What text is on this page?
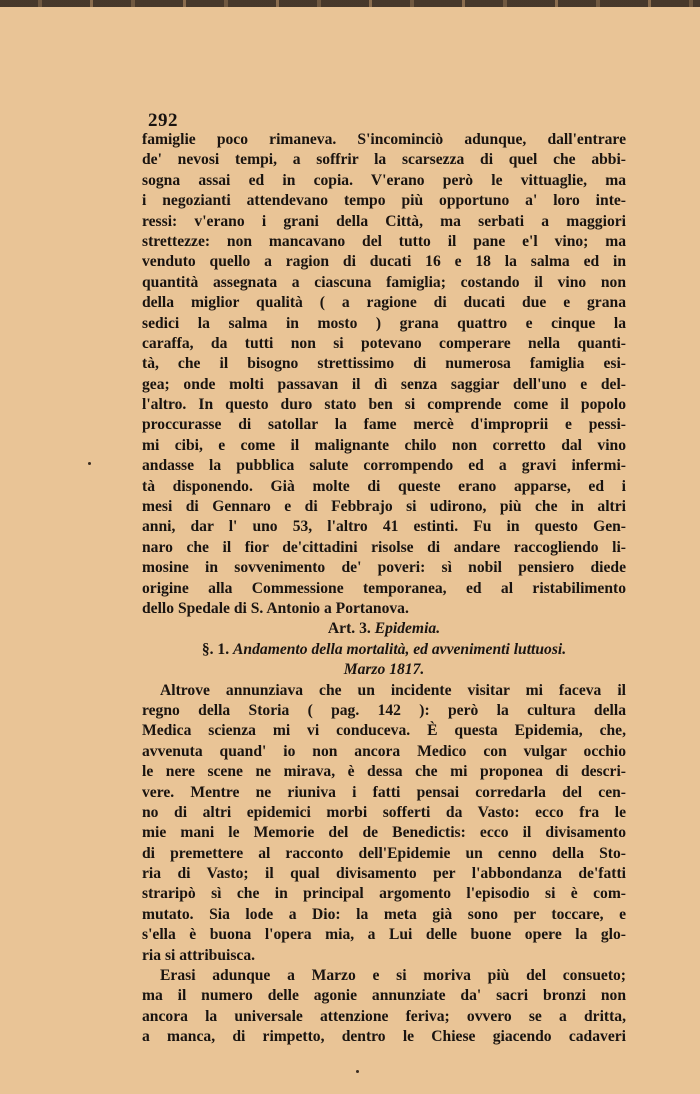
292
famiglie poco rimaneva. S'incominciò adunque, dall'entrare
de' nevosi tempi, a soffrir la scarsezza di quel che abbi-
sogna assai ed in copia. V'erano però le vittuaglie, ma
i negozianti attendevano tempo più opportuno a' loro inte-
ressi: v'erano i grani della Città, ma serbati a maggiori
strettezze: non mancavano del tutto il pane e'l vino; ma
venduto quello a ragion di ducati 16 e 18 la salma ed in
quantità assegnata a ciascuna famiglia; costando il vino non
della miglior qualità ( a ragione di ducati due e grana
sedici la salma in mosto ) grana quattro e cinque la
caraffa, da tutti non si potevano comperare nella quanti-
tà, che il bisogno strettissimo di numerosa famiglia esi-
gea; onde molti passavan il dì senza saggiar dell'uno e del-
l'altro. In questo duro stato ben si comprende come il popolo
proccurasse di satollar la fame mercè d'improprii e pessi-
mi cibi, e come il malignante chilo non corretto dal vino
andasse la pubblica salute corrompendo ed a gravi infermi-
tà disponendo. Già molte di queste erano apparse, ed i
mesi di Gennaro e di Febbrajo si udirono, più che in altri
anni, dar l' uno 53, l'altro 41 estinti. Fu in questo Gen-
naro che il fior de'cittadini risolse di andare raccogliendo li-
mosine in sovvenimento de' poveri: sì nobil pensiero diede
origine alla Commessione temporanea, ed al ristabilimento
dello Spedale di S. Antonio a Portanova.
Art. 3. Epidemia.
§. 1. Andamento della mortalità, ed avvenimenti luttuosi.
Marzo 1817.
Altrove annunziava che un incidente visitar mi faceva il
regno della Storia ( pag. 142 ): però la cultura della
Medica scienza mi vi conduceva. È questa Epidemia, che,
avvenuta quand' io non ancora Medico con vulgar occhio
le nere scene ne mirava, è dessa che mi proponea di descri-
vere. Mentre ne riuniva i fatti pensai corredarla del cen-
no di altri epidemici morbi sofferti da Vasto: ecco fra le
mie mani le Memorie del de Benedictis: ecco il divisamento
di premettere al racconto dell'Epidemie un cenno della Sto-
ria di Vasto; il qual divisamento per l'abbondanza de'fatti
straripò sì che in principal argomento l'episodio si è com-
mutato. Sia lode a Dio: la meta già sono per toccare, e
s'ella è buona l'opera mia, a Lui delle buone opere la glo-
ria si attribuisca.
Erasi adunque a Marzo e si moriva più del consueto;
ma il numero delle agonie annunziate da' sacri bronzi non
ancora la universale attenzione feriva; ovvero se a dritta,
a manca, di rimpetto, dentro le Chiese giacendo cadaveri
